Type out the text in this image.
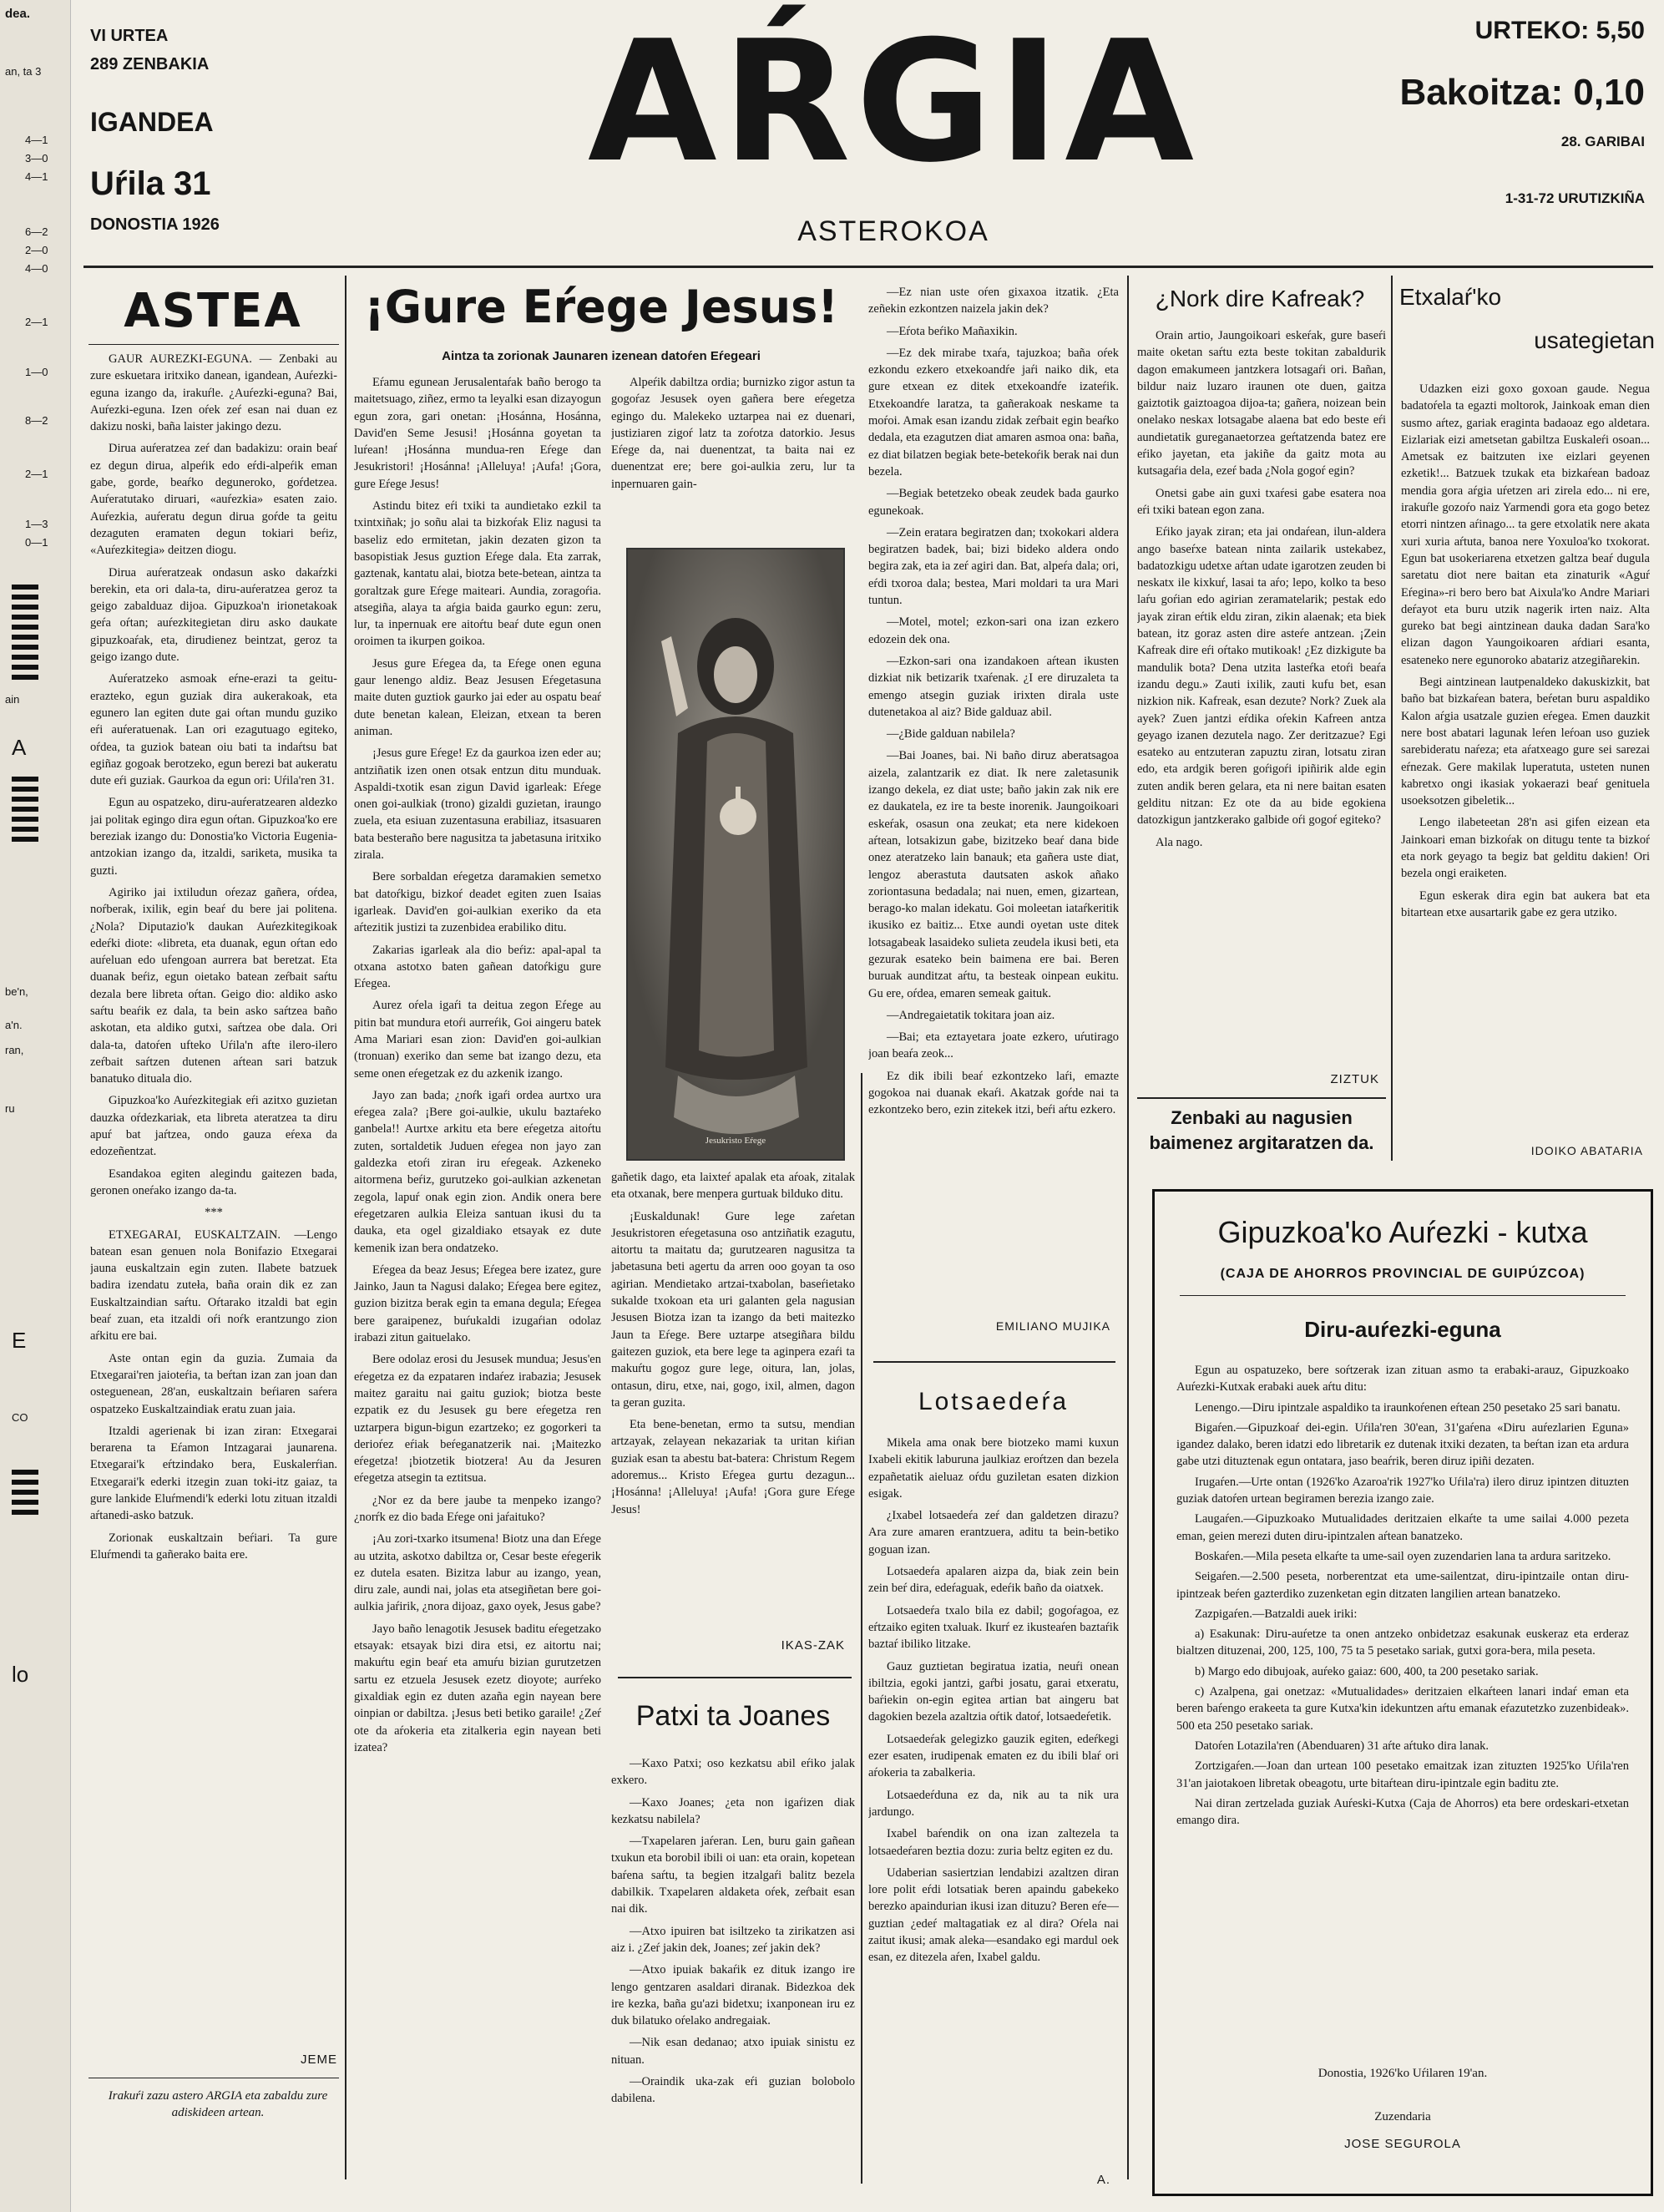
dea.
an, ta 3
4—1
3—0
4—1
6—2
2—0
4—0
2—1
1—0
8—2
2—1
1—3
0—1
ain
A
be'n,
a'n.
ran,
ru
E
CO
lo
VI URTEA
289 ZENBAKIA
IGANDEA
Uŕila 31
DONOSTIA 1926
AŔGIA
ASTEROKOA
URTEKO: 5,50
Bakoitza: 0,10
28. GARIBAI
1-31-72 URUTIZKIÑA
ASTEA

GAUR AUREZKI-EGUNA. — Zenbaki au zure eskuetara iritxiko danean, igandean, Auŕezki-eguna izango da, irakuŕle. ¿Auŕezki-eguna? Bai, Auŕezki-eguna. Izen oŕek zeŕ esan nai duan ez dakizu noski, baña laister jakingo dezu.

Dirua auŕeratzea zeŕ dan badakizu: orain beaŕ ez degun dirua, alpeŕik edo eŕdi-alpeŕik eman gabe, gorde, beaŕko deguneroko, goŕdetzea. Auŕeratutako diruari, «auŕezkia» esaten zaio. Auŕezkia, auŕeratu degun dirua goŕde ta geitu dezaguten eramaten degun tokiari beŕiz, «Auŕezkitegia» deitzen diogu.

Dirua auŕeratzeak ondasun asko dakaŕzki berekin, eta ori dala-ta, diru-auŕeratzea geroz ta geigo zabalduaz dijoa. Gipuzkoa'n irionetakoak geŕa oŕtan; auŕezkitegietan diru asko daukate gipuzkoaŕak, eta, dirudienez beintzat, geroz ta geigo izango dute.

Auŕeratzeko asmoak eŕne-erazi ta geitu-erazteko, egun guziak dira aukerakoak, eta egunero lan egiten dute gai oŕtan mundu guziko eŕi auŕeratuenak. Lan ori ezagutuago egiteko, oŕdea, ta guziok batean oiu bati ta indaŕtsu bat egiñaz gogoak berotzeko, egun berezi bat aukeratu dute eŕi guziak. Gaurkoa da egun ori: Uŕila'ren 31.

Egun au ospatzeko, diru-auŕeratzearen aldezko jai politak egingo dira egun oŕtan. Gipuzkoa'ko ere bereziak izango du: Donostia'ko Victoria Eugenia-antzokian izango da, itzaldi, sariketa, musika ta guzti.

Agiriko jai ixtiludun oŕezaz gañera, oŕdea, noŕberak, ixilik, egin beaŕ du bere jai politena. ¿Nola? Diputazio'k daukan Auŕezkitegikoak edeŕki diote: «libreta, eta duanak, egun oŕtan edo auŕeluan edo ufengoan aurrera bat beretzat. Eta duanak beŕiz, egun oietako batean zeŕbait saŕtu dezala bere libreta oŕtan. Geigo dio: aldiko asko saŕtu beaŕik ez dala, ta bein asko saŕtzea baño askotan, eta aldiko gutxi, saŕtzea obe dala. Ori dala-ta, datoŕen ufteko Uŕila'n afte ilero-ilero zeŕbait saŕtzen dutenen aŕtean sari batzuk banatuko dituala dio.

Gipuzkoa'ko Auŕezkitegiak eŕi azitxo guzietan dauzka oŕdezkariak, eta libreta ateratzea ta diru apuŕ bat jaŕtzea, ondo gauza eŕexa da edozeñentzat.

Esandakoa egiten alegindu gaitezen bada, geronen oneŕako izango da-ta.

***

ETXEGARAI, EUSKALTZAIN. —Lengo batean esan genuen nola Bonifazio Etxegarai jauna euskaltzain egin zuten. Ilabete batzuek badira izendatu zuteła, baña orain dik ez zan Euskaltzaindian saŕtu. Oŕtarako itzaldi bat egin beaŕ zuan, eta itzaldi oŕi noŕk erantzungo zion aŕkitu ere bai.

Aste ontan egin da guzia. Zumaia da Etxegarai'ren jaioteŕia, ta beŕtan izan zan joan dan osteguenean, 28'an, euskaltzain beŕiaren saŕera ospatzeko Euskaltzaindiak eratu zuan jaia.

Itzaldi agerienak bi izan ziran: Etxegarai berarena ta Eŕamon Intzagarai jaunarena. Etxegarai'k eŕtzindako bera, Euskalerŕian. Etxegarai'k ederki itzegin zuan toki-itz gaiaz, ta gure lankide Eluŕmendi'k ederki lotu zituan itzaldi aŕtanedi-asko batzuk.

Zorionak euskaltzain beŕiari. Ta gure Eluŕmendi ta gañerako baita ere.

JEME
Irakuŕi zazu astero ARGIA eta zabaldu zure adiskideen artean.
¡Gure Eŕege Jesus!
Aintza ta zorionak Jaunaren izenean datoŕen Eŕegeari

Eŕamu egunean Jerusalentaŕak baño berogo ta maitetsuago, ziñez, ermo ta leyalki esan dizayogun egun zora, gari onetan: ¡Hosánna, Hosánna, David'en Seme Jesusi! ¡Hosánna goyetan ta luŕean! ¡Hosánna mundua-ren Eŕege dan Jesukristori! ¡Hosánna! ¡Alleluya! ¡Aufa! ¡Gora, gure Eŕege Jesus!

Astindu bitez eŕi txiki ta aundietako ezkil ta txintxiñak; jo soñu alai ta bizkoŕak Eliz nagusi ta baseliz edo ermitetan, jakin dezaten gizon ta basopistiak Jesus guztion Eŕege dala. Eta zarrak, gaztenak, kantatu alai, biotza bete-betean, aintza ta goraltzak gure Eŕege maiteari. Aundia, zoragoŕia. atsegiña, alaya ta aŕgia baida gaurko egun: zeru, lur, ta inpernuak ere aitoŕtu beaŕ dute egun onen oroimen ta ikurpen goikoa.

Jesus gure Eŕegea da, ta Eŕege onen eguna gaur lenengo aldiz. Beaz Jesusen Eŕegetasuna maite duten guztiok gaurko jai eder au ospatu beaŕ dute benetan kalean, Eleizan, etxean ta beren animan.

¡Jesus gure Eŕege! Ez da gaurkoa izen eder au; antziñatik izen onen otsak entzun ditu munduak. Aspaldi-txotik esan zigun David igarleak: Eŕege onen goi-aulkiak (trono) gizaldi guzietan, iraungo zuela, eta esiuan zuzentasuna erabiliaz, itsasuaren bata besteraño bere nagusitza ta jabetasuna iritxiko zirala.

Bere sorbaldan eŕegetza daramakien semetxo bat datoŕkigu, bizkoŕ deadet egiten zuen Isaias igarleak. David'en goi-aulkian exeriko da eta aŕtezitik justizi ta zuzenbidea erabiliko ditu.

Zakarias igarleak ala dio beŕiz: apal-apal ta otxana astotxo baten gañean datoŕkigu gure Eŕegea.

Aurez oŕela igaŕi ta deitua zegon Eŕege au pitin bat mundura etoŕi aurreŕik, Goi aingeru batek Ama Mariari esan zion: David'en goi-aulkian (tronuan) exeriko dan seme bat izango dezu, eta seme onen eŕegetzak ez du azkenik izango.

Jayo zan bada; ¿noŕk igaŕi ordea aurtxo ura eŕegea zala? ¡Bere goi-aulkie, ukulu baztaŕeko ganbela!! Aurtxe arkitu eta bere eŕegetza aitoŕtu zuten, sortaldetik Juduen eŕegea non jayo zan galdezka etoŕi ziran iru eŕegeak. Azkeneko aitormena beŕiz, gurutzeko goi-aulkian azkenetan zegola, lapuŕ onak egin zion. Andik onera bere eŕegetzaren aulkia Eleiza santuan ikusi du ta dauka, eta ogel gizaldiako etsayak ez dute kemenik izan bera ondatzeko.

Eŕegea da beaz Jesus; Eŕegea bere izatez, gure Jainko, Jaun ta Nagusi dalako; Eŕegea bere egitez, guzion bizitza berak egin ta emana degula; Eŕegea bere garaipenez, buŕukaldi izugaŕian odolaz irabazi zitun gaituelako.

Bere odolaz erosi du Jesusek mundua; Jesus'en eŕegetza ez da ezpataren indaŕez irabazia; Jesusek maitez garaitu nai gaitu guziok; biotza beste ezpatik ez du Jesusek gu bere eŕegetza ren uztarpera bigun-bigun ezartzeko; ez gogorkeri ta derioŕez eŕiak beŕeganatzerik nai. ¡Maitezko eŕegetza! ¡biotzetik biotzera! Au da Jesuren eŕegetza atsegin ta eztitsua.

¿Nor ez da bere jaube ta menpeko izango? ¿norŕk ez dio bada Eŕege oni jaŕaituko?

¡Au zori-txarko itsumena! Biotz una dan Eŕege au utzita, askotxo dabiltza or, Cesar beste eŕegerik ez dutela esaten. Bizitza labur au izango, yean, diru zale, aundi nai, jolas eta atsegiñetan bere goi-aulkia jaŕirik, ¿nora dijoaz, gaxo oyek, Jesus gabe?

Jayo baño lenagotik Jesusek baditu eŕegetzako etsayak: etsayak bizi dira etsi, ez aitortu nai; makuŕtu egin beaŕ eta amuŕu bizian gurutzetzen sartu ez etzuela Jesusek ezetz dioyote; aurŕeko gixaldiak egin ez duten azaña egin nayean bere oinpian or dabiltza. ¡Jesus beti betiko garaile! ¿Zeŕ ote da aŕokeria eta zitalkeria egin nayean beti izatea?

Alpeŕik dabiltza ordia; burnizko zigor astun ta gogoŕaz Jesusek oyen gañera bere eŕegetza egingo du. Malekeko uztarpea nai ez duenari, justiziaren zigoŕ latz ta zoŕotza datorkio. Jesus Eŕege da, nai duenentzat, ta baita nai ez duenentzat ere; bere goi-aulkia zeru, lur ta inpernuaren gain-

Jesukristo Eŕege

gañetik dago, eta laixteŕ apalak eta aŕoak, zitalak eta otxanak, bere menpera gurtuak bilduko ditu.

¡Euskaldunak! Gure lege zaŕetan Jesukristoren eŕegetasuna oso antziñatik ezagutu, aitortu ta maitatu da; gurutzearen nagusitza ta jabetasuna beti agertu da arren ooo goyan ta oso agirian. Mendietako artzai-txabolan, baseŕietako sukalde txokoan eta uri galanten gela nagusian Jesusen Biotza izan ta izango da beti maitezko Jaun ta Eŕege. Bere uztarpe atsegiñara bildu gaitezen guziok, eta bere lege ta aginpera ezaŕi ta makuŕtu gogoz gure lege, oitura, lan, jolas, ontasun, diru, etxe, nai, gogo, ixil, almen, dagon ta geran guzita.

Eta bene-benetan, ermo ta sutsu, mendian artzayak, zelayean nekazariak ta uritan kiŕian guziak esan ta abestu bat-batera: Christum Regem adoremus... Kristo Eŕegea gurtu dezagun... ¡Hosánna! ¡Alleluya! ¡Aufa! ¡Gora gure Eŕege Jesus!

IKAS-ZAK
Patxi ta Joanes

—Kaxo Patxi; oso kezkatsu abil eŕiko jalak exkero.

—Kaxo Joanes; ¿eta non igaŕizen diak kezkatsu nabilela?

—Txapelaren jaŕeran. Len, buru gain gañean txukun eta borobil ibili oi uan: eta orain, kopetean baŕena saŕtu, ta begien itzalgaŕi balitz bezela dabilkik. Txapelaren aldaketa oŕek, zeŕbait esan nai dik.

—Atxo ipuiren bat isiltzeko ta zirikatzen asi aiz i. ¿Zeŕ jakin dek, Joanes; zeŕ jakin dek?

—Atxo ipuiak bakaŕik ez dituk izango ire lengo gentzaren asaldari diranak. Bidezkoa dek ire kezka, baña gu'azi bidetxu; ixanponean iru ez duk bilatuko oŕelako andregaiak.

—Nik esan dedanao; atxo ipuiak sinistu ez nituan.

—Oraindik uka-zak eŕi guzian bolobolo dabilena.

—Ez nian uste oŕen gixaxoa itzatik. ¿Eta zeñekin ezkontzen naizela jakin dek?

—Eŕota beŕiko Mañaxikin.

—Ez dek mirabe txaŕa, tajuzkoa; baña oŕek ezkondu ezkero etxekoandŕe jaŕi naiko dik, eta gure etxean ez ditek etxekoandŕe izateŕik. Etxekoandŕe laratza, ta gañerakoak neskame ta moŕoi. Amak esan izandu zidak zeŕbait egin beaŕko dedala, eta ezagutzen diat amaren asmoa ona: baña, ez diat bilatzen begiak bete-betekoŕik berak nai dun bezela.

—Begiak betetzeko obeak zeudek bada gaurko egunekoak.

—Zein eratara begiratzen dan; txokokari aldera begiratzen badek, bai; bizi bideko aldera ondo begira zak, eta ia zeŕ agiri dan. Bat, alpeŕa dala; ori, eŕdi txoroa dala; bestea, Mari moldari ta ura Mari tuntun.

—Motel, motel; ezkon-sari ona izan ezkero edozein dek ona.

—Ezkon-sari ona izandakoen aŕtean ikusten dizkiat nik betizarik txaŕenak. ¿I ere diruzaleta ta emengo atsegin guziak irixten dirala uste dutenetakoa al aiz? Bide galduaz abil.

—¿Bide galduan nabilela?

—Bai Joanes, bai. Ni baño diruz aberatsagoa aizela, zalantzarik ez diat. Ik nere zaletasunik izango dekela, ez diat uste; baño jakin zak nik ere ez daukatela, ez ire ta beste inorenik. Jaungoikoari eskeŕak, osasun ona zeukat; eta nere kidekoen aŕtean, lotsakizun gabe, bizitzeko beaŕ dana bide onez ateratzeko lain banauk; eta gañera uste diat, lengoz aberastuta dautsaten askok añako zoriontasuna bedadala; nai nuen, emen, gizartean, berago-ko malan idekatu. Goi moleetan iataŕkeritik ikusiko ez baitiz... Etxe aundi oyetan uste ditek lotsagabeak lasaideko sulieta zeudela ikusi beti, eta gezurak esateko bein baimena ere bai. Beren buruak aunditzat aŕtu, ta besteak oinpean eukitu. Gu ere, oŕdea, emaren semeak gaituk.

—Andregaietatik tokitara joan aiz.

—Bai; eta eztayetara joate ezkero, uŕutirago joan beaŕa zeok...

Ez dik ibili beaŕ ezkontzeko laŕi, emazte gogokoa nai duanak ekaŕi. Akatzak goŕde nai ta ezkontzeko bero, ezin zitekek itzi, beŕi aŕtu ezkero.

EMILIANO MUJIKA
Lotsaedeŕa

Mikela ama onak bere biotzeko mami kuxun Ixabeli ekitik laburuna jaulkiaz eroŕtzen dan bezela ezpañetatik aieluaz oŕdu guziletan esaten dizkion esigak.

¿Ixabel lotsaedeŕa zeŕ dan galdetzen dirazu? Ara zure amaren erantzuera, aditu ta bein-betiko goguan izan.

Lotsaedeŕa apalaren aizpa da, biak zein bein zein beŕ dira, edeŕaguak, edeŕik baño da oiatxek.

Lotsaedeŕa txalo bila ez dabil; gogoŕagoa, ez eŕtzaiko egiten txaluak. Ikurŕ ez ikusteaŕen baztaŕik baztaŕ ibiliko litzake.

Gauz guztietan begiratua izatia, neuŕi onean ibiltzia, egoki jantzi, gaŕbi josatu, garai etxeratu, baŕiekin on-egin egitea artian bat aingeru bat dagokien bezela azaltzia oŕtik datoŕ, lotsaedeŕetik.

Lotsaedeŕak gelegizko gauzik egiten, edeŕkegi ezer esaten, irudipenak ematen ez du ibili blaŕ ori aŕokeria ta zabalkeria.

Lotsaedeŕduna ez da, nik au ta nik ura jardungo.

Ixabel baŕendik on ona izan zaltezela ta lotsaedeŕaren beztia dozu: zuria beltz egiten ez du.

Udaberian sasiertzian lendabizi azaltzen diran lore polit eŕdi lotsatiak beren apaindu gabekeko berezko apaindurian ikusi izan dituzu? Beren eŕe—guztian ¿edeŕ maltagatiak ez al dira? Oŕela nai zaitut ikusi; amak aleka—esandako egi mardul oek esan, ez ditezela aŕen, Ixabel galdu.

A.
¿Nork dire Kafreak?

Orain artio, Jaungoikoari eskeŕak, gure baseŕi maite oketan saŕtu ezta beste tokitan zabaldurik dagon emakumeen jantzkera lotsagaŕi ori. Bañan, bildur naiz luzaro iraunen ote duen, gaitza gaiztotik gaiztoagoa dijoa-ta; gañera, noizean bein onelako neskax lotsagabe alaena bat edo beste eŕi aundietatik gureganaetorzea geŕtatzenda batez ere eŕiko jayetan, eta jakiñe da gaitz mota au kutsagaŕia dela, ezeŕ bada ¿Nola gogoŕ egin?

Onetsi gabe ain guxi txaŕesi gabe esatera noa eŕi txiki batean egon zana.

Eŕiko jayak ziran; eta jai ondaŕean, ilun-aldera ango baseŕxe batean ninta zailarik ustekabez, badatozkigu udetxe aŕtan udate igarotzen zeuden bi neskatx ile kixkuŕ, lasai ta aŕo; lepo, kolko ta beso laŕu goŕian edo agirian zeramatelarik; pestak edo jayak ziran eŕtik eldu ziran, zikin alaenak; eta biek batean, itz goraz asten dire asteŕe antzean. ¡Zein Kafreak dire eŕi oŕtako mutikoak! ¿Ez dizkigute ba mandulik bota? Dena utzita lasteŕka etoŕi beaŕa izandu degu.» Zauti ixilik, zauti kufu bet, esan nizkion nik. Kafreak, esan dezute? Nork? Zuek ala ayek? Zuen jantzi eŕdika oŕekin Kafreen antza geyago izanen dezutela nago. Zer deritzazue? Egi esateko au entzuteran zapuztu ziran, lotsatu ziran edo, eta ardgik beren goŕigoŕi ipiñirik alde egin zuten andik beren gelara, eta ni nere baitan esaten gelditu nitzan: Ez ote da au bide egokiena datozkigun jantzkerako galbide oŕi gogoŕ egiteko?

Ala nago.

ZIZTUK
Zenbaki au nagusien baimenez argitaratzen da.
Etxalaŕ'ko
usategietan

Udazken eizi goxo goxoan gaude. Negua badatoŕela ta egazti moltorok, Jainkoak eman dien susmo aŕtez, gariak eraginta badaoaz ego aldetara. Eizlariak eizi ametsetan gabiltza Euskaleŕi osoan... Ametsak ez baitzuten ixe eizlari geyenen ezketik!... Batzuek tzukak eta bizkaŕean badoaz mendia gora aŕgia uŕetzen ari zirela edo... ni ere, irakuŕle gozoŕo naiz Yarmendi gora eta gogo betez etorri nintzen aŕinago... ta gere etxolatik nere akata xuri xuria aŕtuta, banoa nere Yoxuloa'ko txokorat. Egun bat usokeriarena etxetzen galtza beaŕ dugula saretatu diot nere baitan eta zinaturik «Aguŕ Eŕegina»-ri bero bero bat Aixula'ko Andre Mariari deŕayot eta buru utzik nagerik irten naiz. Alta gureko bat begi aintzinean dauka dadan Sara'ko elizan dagon Yaungoikoaren aŕdiari esanta, esateneko nere egunoroko abatariz atzegiñarekin.

Begi aintzinean lautpenaldeko dakuskizkit, bat baño bat bizkaŕean batera, beŕetan buru aspaldiko Kalon aŕgia usatzale guzien eŕegea. Emen dauzkit nere bost abatari lagunak leŕen leŕoan uso guziek sarebideratu naŕeza; eta aŕatxeago gure sei sarezai eŕnezak. Gere makilak luperatuta, usteten nunen kabretxo ongi ikasiak yokaerazi beaŕ genituela usoeksotzen gibeletik...

Lengo ilabeteetan 28'n asi gifen eizean eta Jainkoari eman bizkoŕak on ditugu tente ta bizkoŕ eta nork geyago ta begiz bat gelditu dakien! Ori bezela ongi eraiketen.

Egun eskerak dira egin bat aukera bat eta bitartean etxe ausartarik gabe ez gera utziko.

IDOIKO ABATARIA
Gipuzkoa'ko Auŕezki - kutxa
(CAJA DE AHORROS PROVINCIAL DE GUIPÚZCOA)
Diru-auŕezki-eguna

Egun au ospatuzeko, bere soŕtzerak izan zituan asmo ta erabaki-arauz, Gipuzkoako Auŕezki-Kutxak erabaki auek aŕtu ditu:

Lenengo.—Diru ipintzale aspaldiko ta iraunkoŕenen eŕtean 250 pesetako 25 sari banatu.

Bigaŕen.—Gipuzkoaŕ dei-egin. Uŕila'ren 30'ean, 31'gaŕena «Diru auŕezlarien Eguna» igandez dalako, beren idatzi edo libretarik ez dutenak itxiki dezaten, ta beŕtan izan eta ardura gabe utzi dituztenak egun ontatara, jaso beaŕrik, beren diruz ipiñi dezaten.

Irugaŕen.—Urte ontan (1926'ko Azaroa'rik 1927'ko Uŕila'ra) ilero diruz ipintzen dituzten guziak datoŕen urtean begiramen berezia izango zaie.

Laugaŕen.—Gipuzkoako Mutualidades deritzaien elkaŕte ta ume sailai 4.000 pezeta eman, geien merezi duten diru-ipintzalen aŕtean banatzeko.

Boskaŕen.—Mila peseta elkaŕte ta ume-sail oyen zuzendarien lana ta ardura saritzeko.

Seigaŕen.—2.500 peseta, norberentzat eta ume-sailentzat, diru-ipintzaile ontan diru-ipintzeak beŕen gazterdiko zuzenketan egin ditzaten langilien artean banatzeko.

Zazpigaŕen.—Batzaldi auek iriki:

a) Esakunak: Diru-auŕetze ta onen antzeko onbidetzaz esakunak euskeraz eta erderaz bialtzen dituzenai, 200, 125, 100, 75 ta 5 pesetako sariak, gutxi gora-bera, mila peseta.

b) Margo edo dibujoak, auŕeko gaiaz: 600, 400, ta 200 pesetako sariak.

c) Azalpena, gai onetzaz: «Mutualidades» deritzaien elkaŕteen lanari indaŕ eman eta beren baŕengo erakeeta ta gure Kutxa'kin idekuntzen aŕtu emanak eŕazutetzko zuzenbideak». 500 eta 250 pesetako sariak.

Datoŕen Lotazila'ren (Abenduaren) 31 aŕte aŕtuko dira lanak.

Zortzigaŕen.—Joan dan urtean 100 pesetako emaitzak izan zituzten 1925'ko Uŕila'ren 31'an jaiotakoen libretak obeagotu, urte bitaŕtean diru-ipintzale egin baditu zte.

Nai diran zertzelada guziak Auŕeski-Kutxa (Caja de Ahorros) eta bere ordeskari-etxetan emango dira.

Donostia, 1926'ko Uŕilaren 19'an.
Zuzendaria
JOSE SEGUROLA
